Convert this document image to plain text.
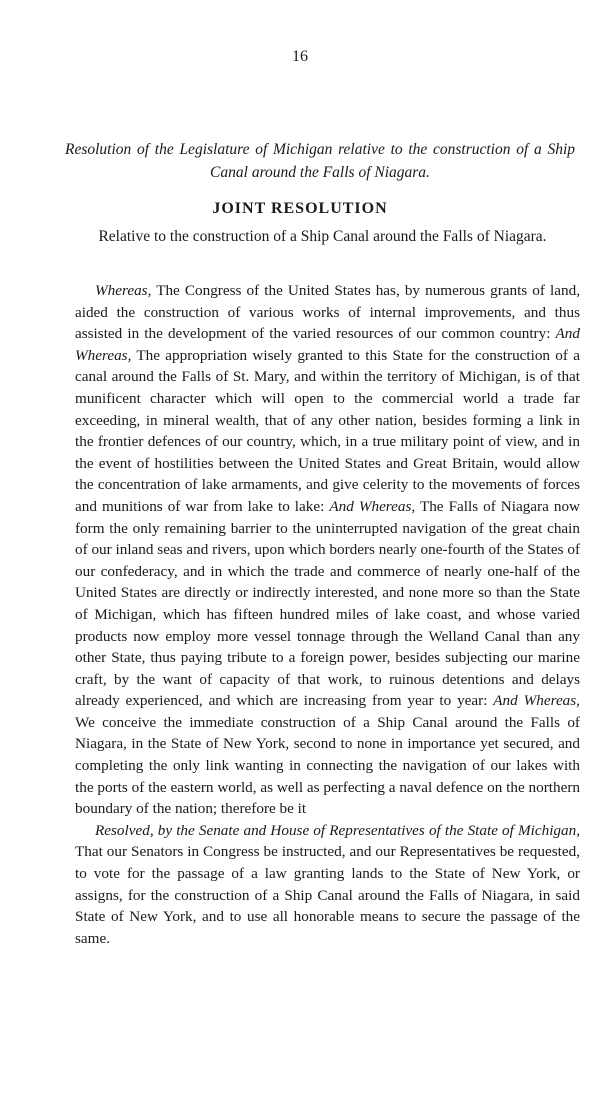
16
Resolution of the Legislature of Michigan relative to the construction of a Ship Canal around the Falls of Niagara.
JOINT RESOLUTION
Relative to the construction of a Ship Canal around the Falls of Niagara.

Whereas, The Congress of the United States has, by numerous grants of land, aided the construction of various works of internal improvements, and thus assisted in the development of the varied resources of our common country: And Whereas, The appropriation wisely granted to this State for the construction of a canal around the Falls of St. Mary, and within the territory of Michigan, is of that munificent character which will open to the commercial world a trade far exceeding, in mineral wealth, that of any other nation, besides forming a link in the frontier defences of our country, which, in a true military point of view, and in the event of hostilities between the United States and Great Britain, would allow the concentration of lake armaments, and give celerity to the movements of forces and munitions of war from lake to lake: And Whereas, The Falls of Niagara now form the only remaining barrier to the uninterrupted navigation of the great chain of our inland seas and rivers, upon which borders nearly one-fourth of the States of our confederacy, and in which the trade and commerce of nearly one-half of the United States are directly or indirectly interested, and none more so than the State of Michigan, which has fifteen hundred miles of lake coast, and whose varied products now employ more vessel tonnage through the Welland Canal than any other State, thus paying tribute to a foreign power, besides subjecting our marine craft, by the want of capacity of that work, to ruinous detentions and delays already experienced, and which are increasing from year to year: And Whereas, We conceive the immediate construction of a Ship Canal around the Falls of Niagara, in the State of New York, second to none in importance yet secured, and completing the only link wanting in connecting the navigation of our lakes with the ports of the eastern world, as well as perfecting a naval defence on the northern boundary of the nation; therefore be it

Resolved, by the Senate and House of Representatives of the State of Michigan, That our Senators in Congress be instructed, and our Representatives be requested, to vote for the passage of a law granting lands to the State of New York, or assigns, for the construction of a Ship Canal around the Falls of Niagara, in said State of New York, and to use all honorable means to secure the passage of the same.
